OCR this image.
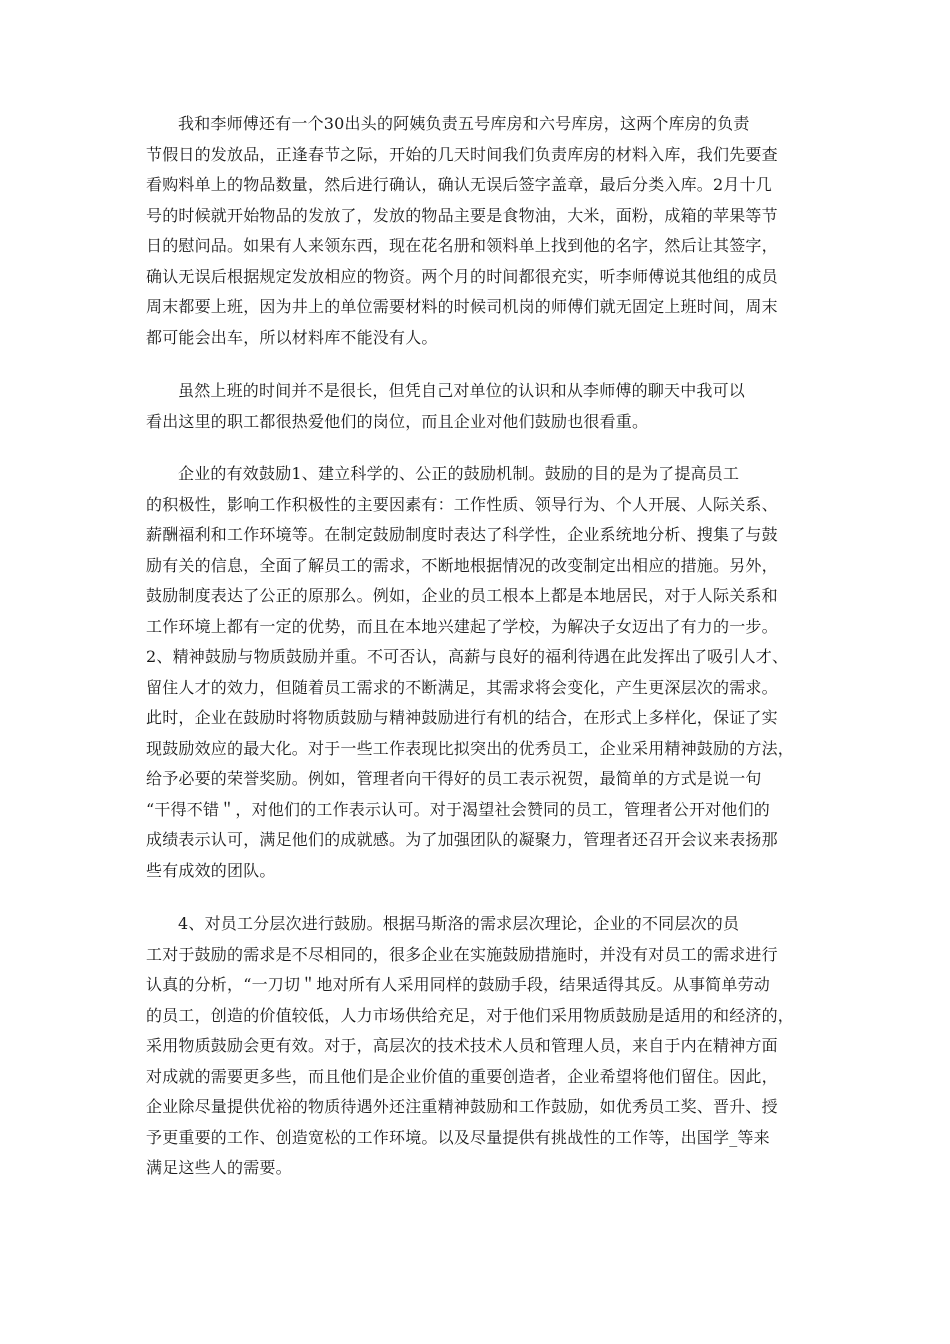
我和李师傅还有一个30出头的阿姨负责五号库房和六号库房，这两个库房的负责
节假日的发放品，正逢春节之际，开始的几天时间我们负责库房的材料入库，我们先要查
看购料单上的物品数量，然后进行确认，确认无误后签字盖章，最后分类入库。2月十几
号的时候就开始物品的发放了，发放的物品主要是食物油，大米，面粉，成箱的苹果等节
日的慰问品。如果有人来领东西，现在花名册和领料单上找到他的名字，然后让其签字，
确认无误后根据规定发放相应的物资。两个月的时间都很充实，听李师傅说其他组的成员
周末都要上班，因为井上的单位需要材料的时候司机岗的师傅们就无固定上班时间，周末
都可能会出车，所以材料库不能没有人。
虽然上班的时间并不是很长，但凭自己对单位的认识和从李师傅的聊天中我可以
看出这里的职工都很热爱他们的岗位，而且企业对他们鼓励也很看重。
企业的有效鼓励1、建立科学的、公正的鼓励机制。鼓励的目的是为了提高员工
的积极性，影响工作积极性的主要因素有：工作性质、领导行为、个人开展、人际关系、
薪酬福利和工作环境等。在制定鼓励制度时表达了科学性，企业系统地分析、搜集了与鼓
励有关的信息，全面了解员工的需求，不断地根据情况的改变制定出相应的措施。另外，
鼓励制度表达了公正的原那么。例如，企业的员工根本上都是本地居民，对于人际关系和
工作环境上都有一定的优势，而且在本地兴建起了学校，为解决子女迈出了有力的一步。
2、精神鼓励与物质鼓励并重。不可否认，高薪与良好的福利待遇在此发挥出了吸引人才、
留住人才的效力，但随着员工需求的不断满足，其需求将会变化，产生更深层次的需求。
此时，企业在鼓励时将物质鼓励与精神鼓励进行有机的结合，在形式上多样化，保证了实
现鼓励效应的最大化。对于一些工作表现比拟突出的优秀员工，企业采用精神鼓励的方法，
给予必要的荣誉奖励。例如，管理者向干得好的员工表示祝贺，最简单的方式是说一句
“干得不错＂，对他们的工作表示认可。对于渴望社会赞同的员工，管理者公开对他们的
成绩表示认可，满足他们的成就感。为了加强团队的凝聚力，管理者还召开会议来表扬那
些有成效的团队。
4、对员工分层次进行鼓励。根据马斯洛的需求层次理论，企业的不同层次的员
工对于鼓励的需求是不尽相同的，很多企业在实施鼓励措施时，并没有对员工的需求进行
认真的分析，“一刀切＂地对所有人采用同样的鼓励手段，结果适得其反。从事简单劳动
的员工，创造的价值较低，人力市场供给充足，对于他们采用物质鼓励是适用的和经济的，
采用物质鼓励会更有效。对于，高层次的技术技术人员和管理人员，来自于内在精神方面
对成就的需要更多些，而且他们是企业价值的重要创造者，企业希望将他们留住。因此，
企业除尽量提供优裕的物质待遇外还注重精神鼓励和工作鼓励，如优秀员工奖、晋升、授
予更重要的工作、创造宽松的工作环境。以及尽量提供有挑战性的工作等，出国学_等来
满足这些人的需要。
